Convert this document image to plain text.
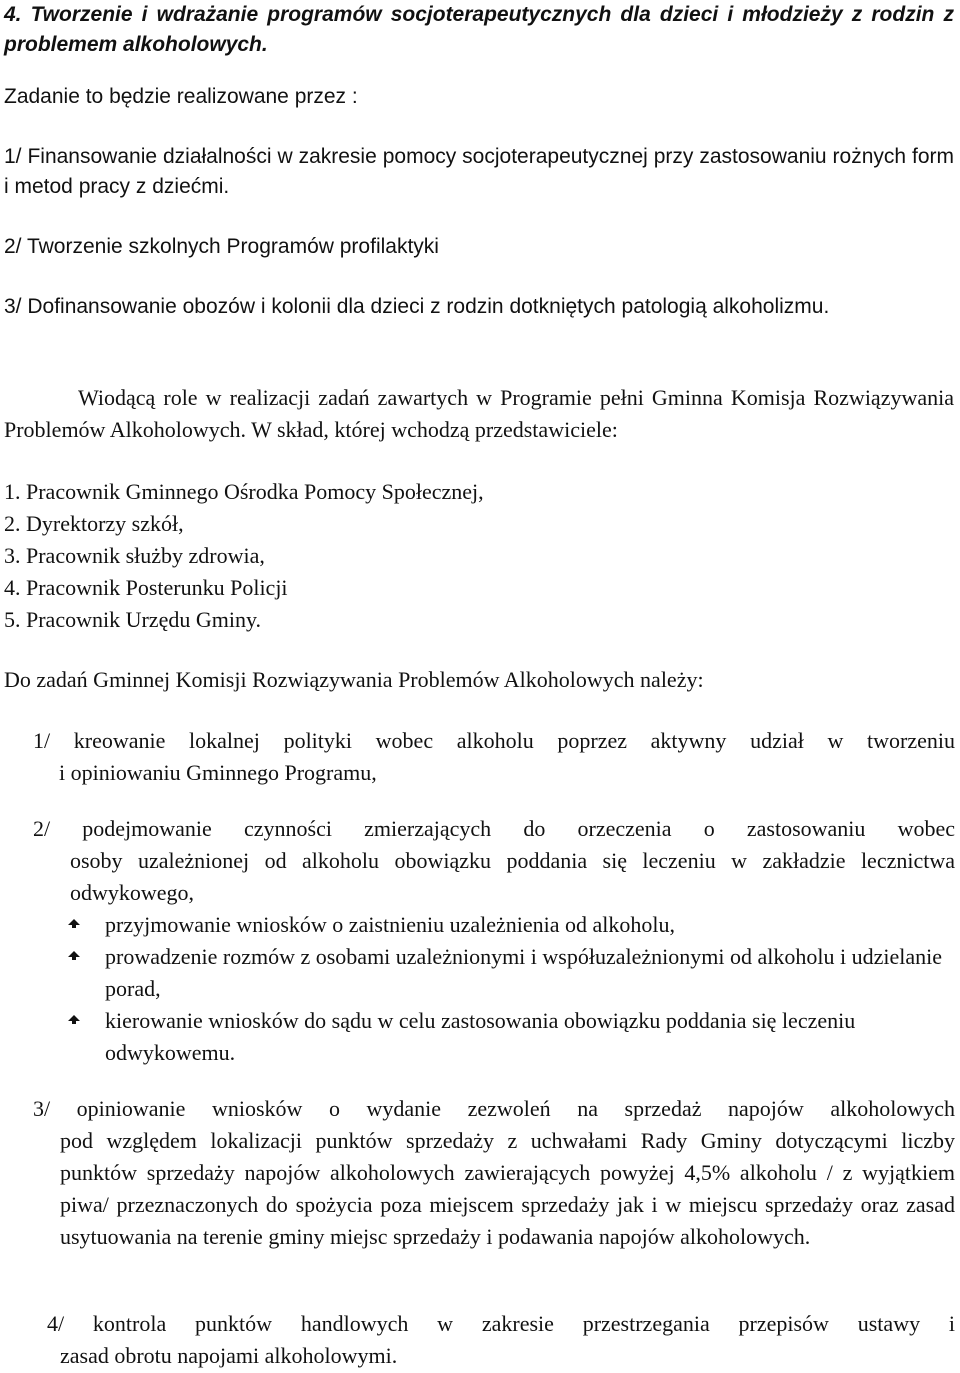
4. Tworzenie i wdrażanie programów socjoterapeutycznych dla dzieci i młodzieży z rodzin z problemem alkoholowych.

Zadanie to będzie realizowane przez :

1/ Finansowanie działalności w zakresie pomocy socjoterapeutycznej przy zastosowaniu rożnych form i metod pracy z dziećmi.

2/ Tworzenie szkolnych Programów profilaktyki

3/ Dofinansowanie obozów i kolonii dla dzieci z rodzin dotkniętych patologią alkoholizmu.

Wiodącą role w realizacji zadań zawartych w Programie pełni Gminna Komisja Rozwiązywania Problemów Alkoholowych. W skład, której wchodzą przedstawiciele:

1. Pracownik Gminnego Ośrodka Pomocy Społecznej,
2. Dyrektorzy szkół,
3. Pracownik służby zdrowia,
4. Pracownik Posterunku Policji
5. Pracownik Urzędu Gminy.

Do zadań Gminnej Komisji Rozwiązywania Problemów Alkoholowych należy:

1/ kreowanie lokalnej polityki wobec alkoholu poprzez aktywny udział w tworzeniu
i opiniowaniu Gminnego Programu,
2/ podejmowanie czynności zmierzających do orzeczenia o zastosowaniu wobec
osoby uzależnionej od alkoholu obowiązku poddania się leczeniu w zakładzie lecznictwa odwykowego,
przyjmowanie wniosków o zaistnieniu uzależnienia od alkoholu,
prowadzenie rozmów z osobami uzależnionymi i współuzależnionymi od alkoholu i udzielanie porad,
kierowanie wniosków do sądu w celu zastosowania obowiązku poddania się leczeniu odwykowemu.
3/ opiniowanie wniosków o wydanie zezwoleń na sprzedaż napojów alkoholowych
pod względem lokalizacji punktów sprzedaży z uchwałami Rady Gminy dotyczącymi liczby punktów sprzedaży napojów alkoholowych zawierających powyżej 4,5% alkoholu / z wyjątkiem piwa/ przeznaczonych do spożycia poza miejscem sprzedaży jak i w miejscu sprzedaży oraz zasad usytuowania na terenie gminy miejsc sprzedaży i podawania napojów alkoholowych.
4/ kontrola punktów handlowych w zakresie przestrzegania przepisów ustawy i
zasad obrotu napojami alkoholowymi.
